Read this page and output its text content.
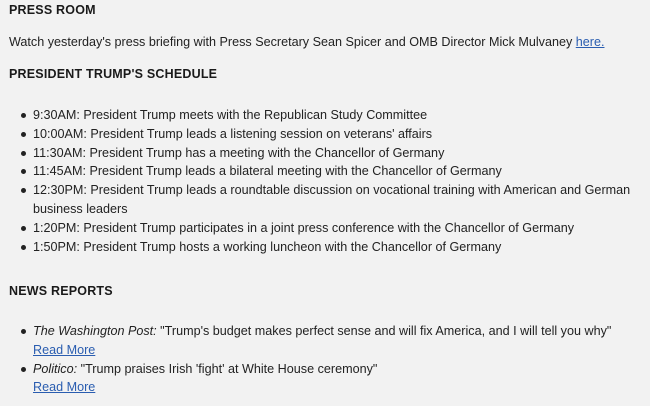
PRESS ROOM

Watch yesterday's press briefing with Press Secretary Sean Spicer and OMB Director Mick Mulvaney here.

PRESIDENT TRUMP'S SCHEDULE
9:30AM: President Trump meets with the Republican Study Committee
10:00AM: President Trump leads a listening session on veterans' affairs
11:30AM: President Trump has a meeting with the Chancellor of Germany
11:45AM: President Trump leads a bilateral meeting with the Chancellor of Germany
12:30PM: President Trump leads a roundtable discussion on vocational training with American and German business leaders
1:20PM: President Trump participates in a joint press conference with the Chancellor of Germany
1:50PM: President Trump hosts a working luncheon with the Chancellor of Germany
NEWS REPORTS
The Washington Post: "Trump's budget makes perfect sense and will fix America, and I will tell you why"
Read More
Politico: "Trump praises Irish 'fight' at White House ceremony"
Read More
